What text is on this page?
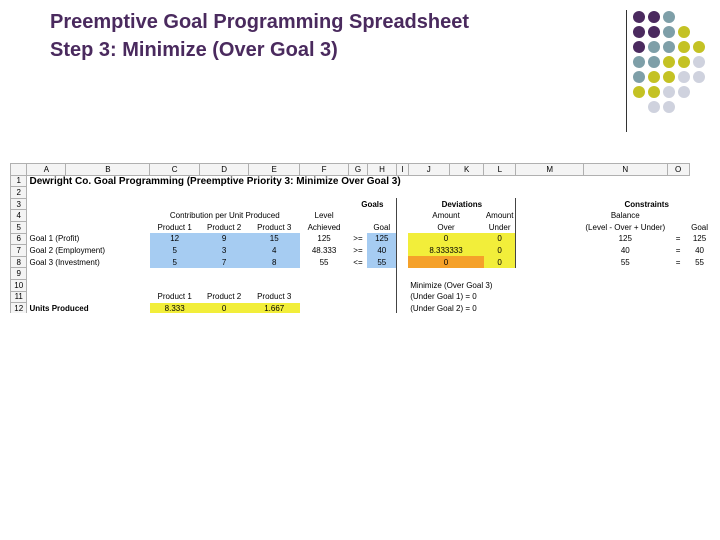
Preemptive Goal Programming Spreadsheet
Step 3: Minimize (Over Goal 3)
	A	B	C	D	E	F	G	H	I	J	K	L	M	N	O	
1	Dewright Co. Goal Programming (Preemptive Priority 3: Minimize Over Goal 3)															
2																
3							Goals			Deviations				Constraints		
4			Contribution per Unit Produced			Level				Amount		Amount		Balance		
5			Product 1	Product 2	Product 3	Achieved		Goal		Over		Under		(Level - Over + Under)		Goal
6	Goal 1 (Profit)		12	9	15	125	>=	125		0		0		125	=	125
7	Goal 2 (Employment)		5	3	4	48.333	>=	40		8.333333		0		40	=	40
8	Goal 3 (Investment)		5	7	8	55	<=	55		0		0		55	=	55
9																
10										Minimize (Over Goal 3)						
11			Product 1	Product 2	Product 3					(Under Goal 1) = 0						
12	Units Produced		8.333	0	1.667					(Under Goal 2) = 0						
